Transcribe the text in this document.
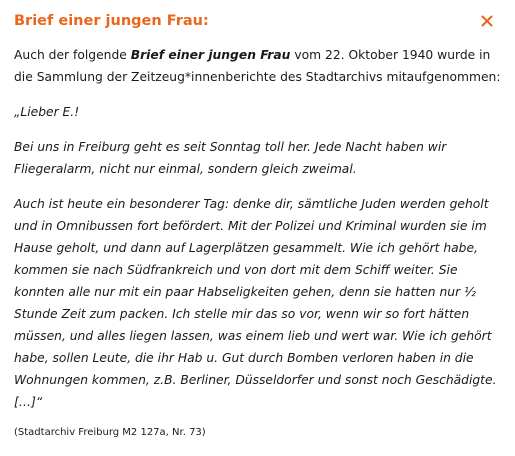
Brief einer jungen Frau:

Auch der folgende Brief einer jungen Frau vom 22. Oktober 1940 wurde in die Sammlung der Zeitzeug*innenberichte des Stadtarchivs mitaufgenommen:

„Lieber E.!

Bei uns in Freiburg geht es seit Sonntag toll her. Jede Nacht haben wir Fliegeralarm, nicht nur einmal, sondern gleich zweimal.

Auch ist heute ein besonderer Tag: denke dir, sämtliche Juden werden geholt und in Omnibussen fort befördert. Mit der Polizei und Kriminal wurden sie im Hause geholt, und dann auf Lagerplätzen gesammelt. Wie ich gehört habe, kommen sie nach Südfrankreich und von dort mit dem Schiff weiter. Sie konnten alle nur mit ein paar Habseligkeiten gehen, denn sie hatten nur ½ Stunde Zeit zum packen. Ich stelle mir das so vor, wenn wir so fort hätten müssen, und alles liegen lassen, was einem lieb und wert war. Wie ich gehört habe, sollen Leute, die ihr Hab u. Gut durch Bomben verloren haben in die Wohnungen kommen, z.B. Berliner, Düsseldorfer und sonst noch Geschädigte. […]“

(Stadtarchiv Freiburg M2 127a, Nr. 73)
